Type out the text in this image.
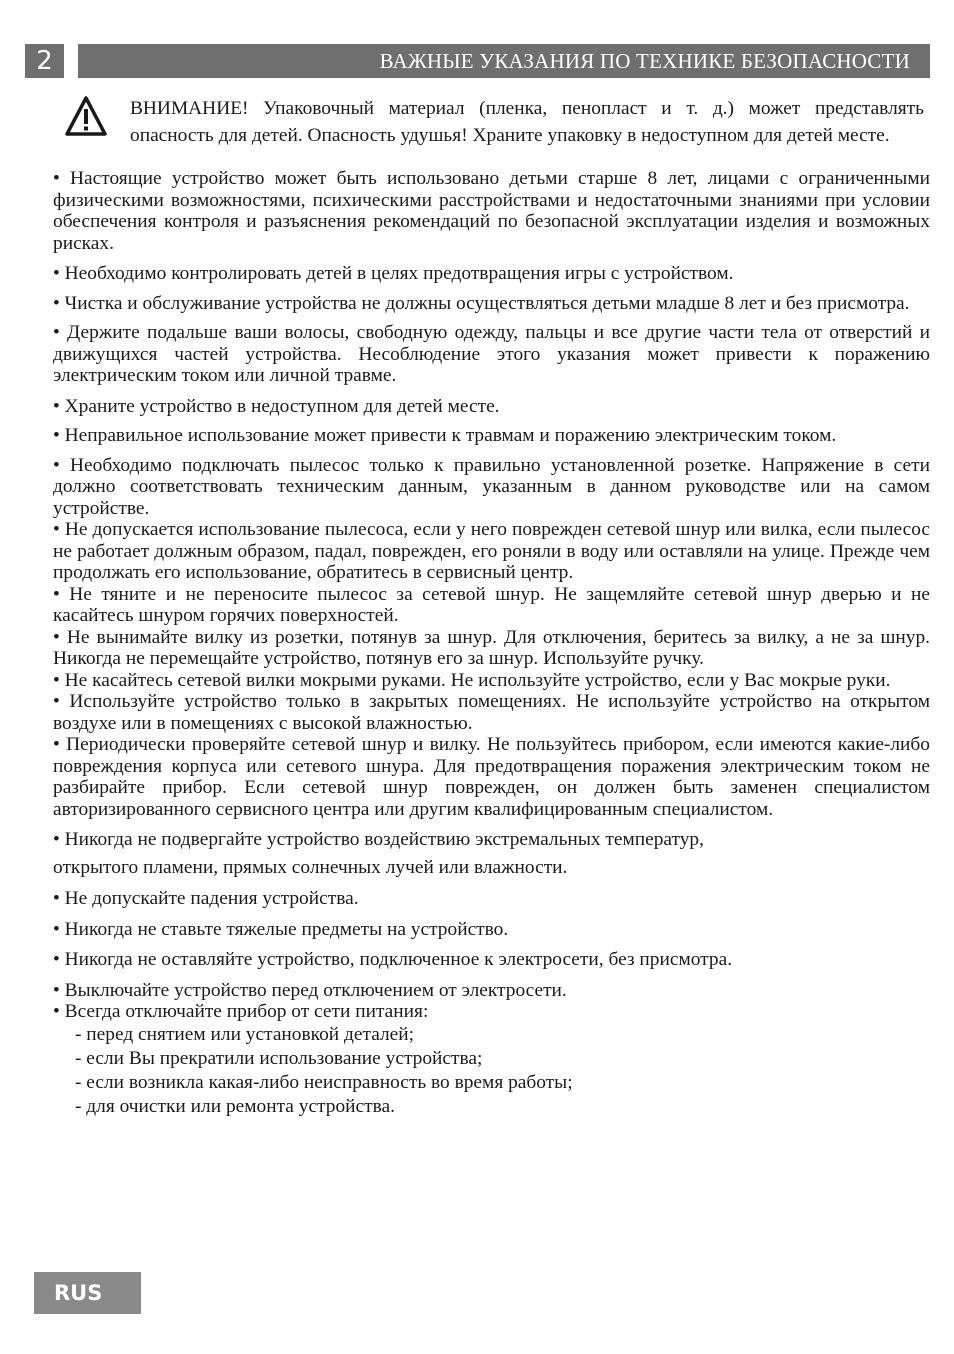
2	ВАЖНЫЕ УКАЗАНИЯ ПО ТЕХНИКЕ БЕЗОПАСНОСТИ
ВНИМАНИЕ! Упаковочный материал (пленка, пенопласт и т. д.) может представлять опасность для детей. Опасность удушья! Храните упаковку в недоступном для детей месте.

• Настоящие устройство может быть использовано детьми старше 8 лет, лицами с ограниченными физическими возможностями, психическими расстройствами и недостаточными знаниями при условии обеспечения контроля и разъяснения рекомендаций по безопасной эксплуатации изделия и возможных рисках.

• Необходимо контролировать детей в целях предотвращения игры с устройством.

• Чистка и обслуживание устройства не должны осуществляться детьми младше 8 лет и без присмотра.

• Держите подальше ваши волосы, свободную одежду, пальцы и все другие части тела от отверстий и движущихся частей устройства. Несоблюдение этого указания может привести к поражению электрическим током или личной травме.

• Храните устройство в недоступном для детей месте.

• Неправильное использование может привести к травмам и поражению электрическим током.

• Необходимо подключать пылесос только к правильно установленной розетке. Напряжение в сети должно соответствовать техническим данным, указанным в данном руководстве или на самом устройстве.

• Не допускается использование пылесоса, если у него поврежден сетевой шнур или вилка, если пылесос не работает должным образом, падал, поврежден, его роняли в воду или оставляли на улице. Прежде чем продолжать его использование, обратитесь в сервисный центр.

• Не тяните и не переносите пылесос за сетевой шнур. Не защемляйте сетевой шнур дверью и не касайтесь шнуром горячих поверхностей.

• Не вынимайте вилку из розетки, потянув за шнур. Для отключения, беритесь за вилку, а не за шнур. Никогда не перемещайте устройство, потянув его за шнур. Используйте ручку.

• Не касайтесь сетевой вилки мокрыми руками. Не используйте устройство, если у Вас мокрые руки.

• Используйте устройство только в закрытых помещениях. Не используйте устройство на открытом воздухе или в помещениях с высокой влажностью.

• Периодически проверяйте сетевой шнур и вилку. Не пользуйтесь прибором, если имеются какие-либо повреждения корпуса или сетевого шнура. Для предотвращения поражения электрическим током не разбирайте прибор. Если сетевой шнур поврежден, он должен быть заменен специалистом авторизированного сервисного центра или другим квалифицированным специалистом.

• Никогда не подвергайте устройство воздействию экстремальных температур,

открытого пламени, прямых солнечных лучей или влажности.

• Не допускайте падения устройства.

• Никогда не ставьте тяжелые предметы на устройство.

• Никогда не оставляйте устройство, подключенное к электросети, без присмотра.

• Выключайте устройство перед отключением от электросети.

• Всегда отключайте прибор от сети питания:

- перед снятием или установкой деталей;

- если Вы прекратили использование устройства;

- если возникла какая-либо неисправность во время работы;

- для очистки или ремонта устройства.

RUS
